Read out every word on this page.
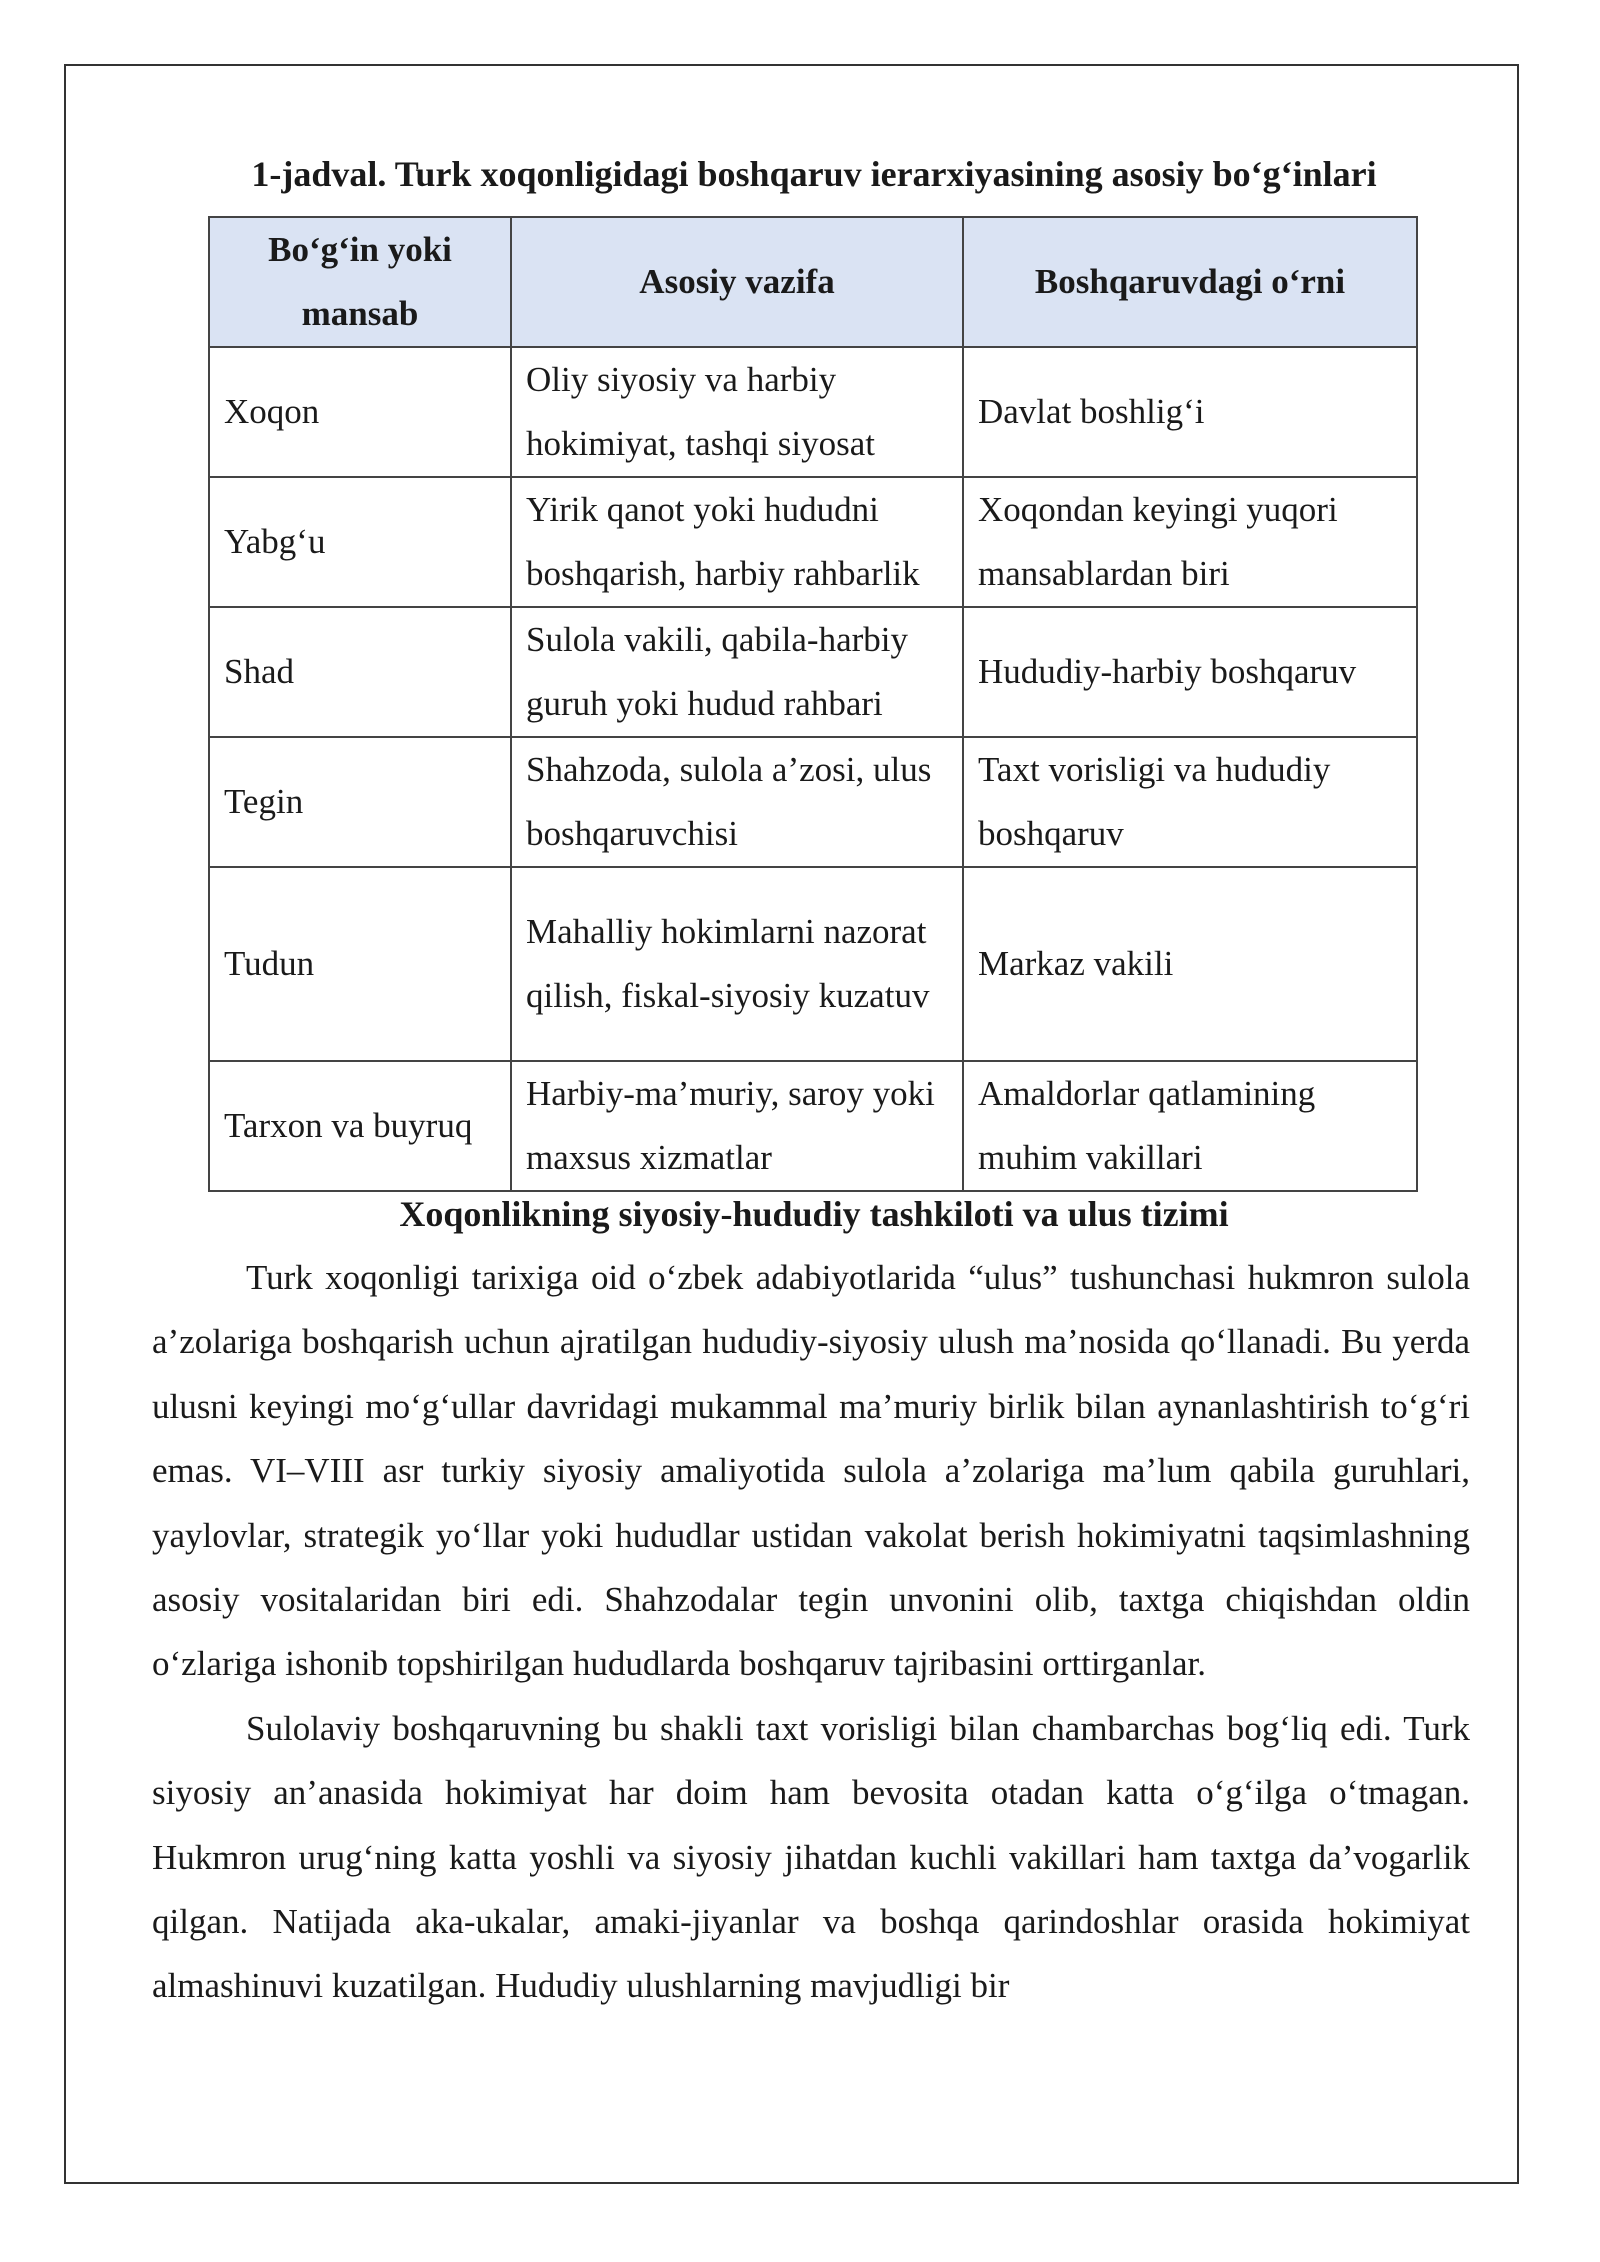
1-jadval. Turk xoqonligidagi boshqaruv ierarxiyasining asosiy bo‘g‘inlari
Bo‘g‘in yoki mansab	Asosiy vazifa	Boshqaruvdagi o‘rni
Xoqon	Oliy siyosiy va harbiy hokimiyat, tashqi siyosat	Davlat boshlig‘i
Yabg‘u	Yirik qanot yoki hududni boshqarish, harbiy rahbarlik	Xoqondan keyingi yuqori mansablardan biri
Shad	Sulola vakili, qabila-harbiy guruh yoki hudud rahbari	Hududiy-harbiy boshqaruv
Tegin	Shahzoda, sulola a’zosi, ulus boshqaruvchisi	Taxt vorisligi va hududiy boshqaruv
Tudun	Mahalliy hokimlarni nazorat qilish, fiskal-siyosiy kuzatuv	Markaz vakili
Tarxon va buyruq	Harbiy-ma’muriy, saroy yoki maxsus xizmatlar	Amaldorlar qatlamining muhim vakillari
Xoqonlikning siyosiy-hududiy tashkiloti va ulus tizimi

Turk xoqonligi tarixiga oid o‘zbek adabiyotlarida “ulus” tushunchasi hukmron sulola a’zolariga boshqarish uchun ajratilgan hududiy-siyosiy ulush ma’nosida qo‘llanadi. Bu yerda ulusni keyingi mo‘g‘ullar davridagi mukammal ma’muriy birlik bilan aynanlashtirish to‘g‘ri emas. VI–VIII asr turkiy siyosiy amaliyotida sulola a’zolariga ma’lum qabila guruhlari, yaylovlar, strategik yo‘llar yoki hududlar ustidan vakolat berish hokimiyatni taqsimlashning asosiy vositalaridan biri edi. Shahzodalar tegin unvonini olib, taxtga chiqishdan oldin o‘zlariga ishonib topshirilgan hududlarda boshqaruv tajribasini orttirganlar.

Sulolaviy boshqaruvning bu shakli taxt vorisligi bilan chambarchas bog‘liq edi. Turk siyosiy an’anasida hokimiyat har doim ham bevosita otadan katta o‘g‘ilga o‘tmagan. Hukmron urug‘ning katta yoshli va siyosiy jihatdan kuchli vakillari ham taxtga da’vogarlik qilgan. Natijada aka-ukalar, amaki-jiyanlar va boshqa qarindoshlar orasida hokimiyat almashinuvi kuzatilgan. Hududiy ulushlarning mavjudligi bir
